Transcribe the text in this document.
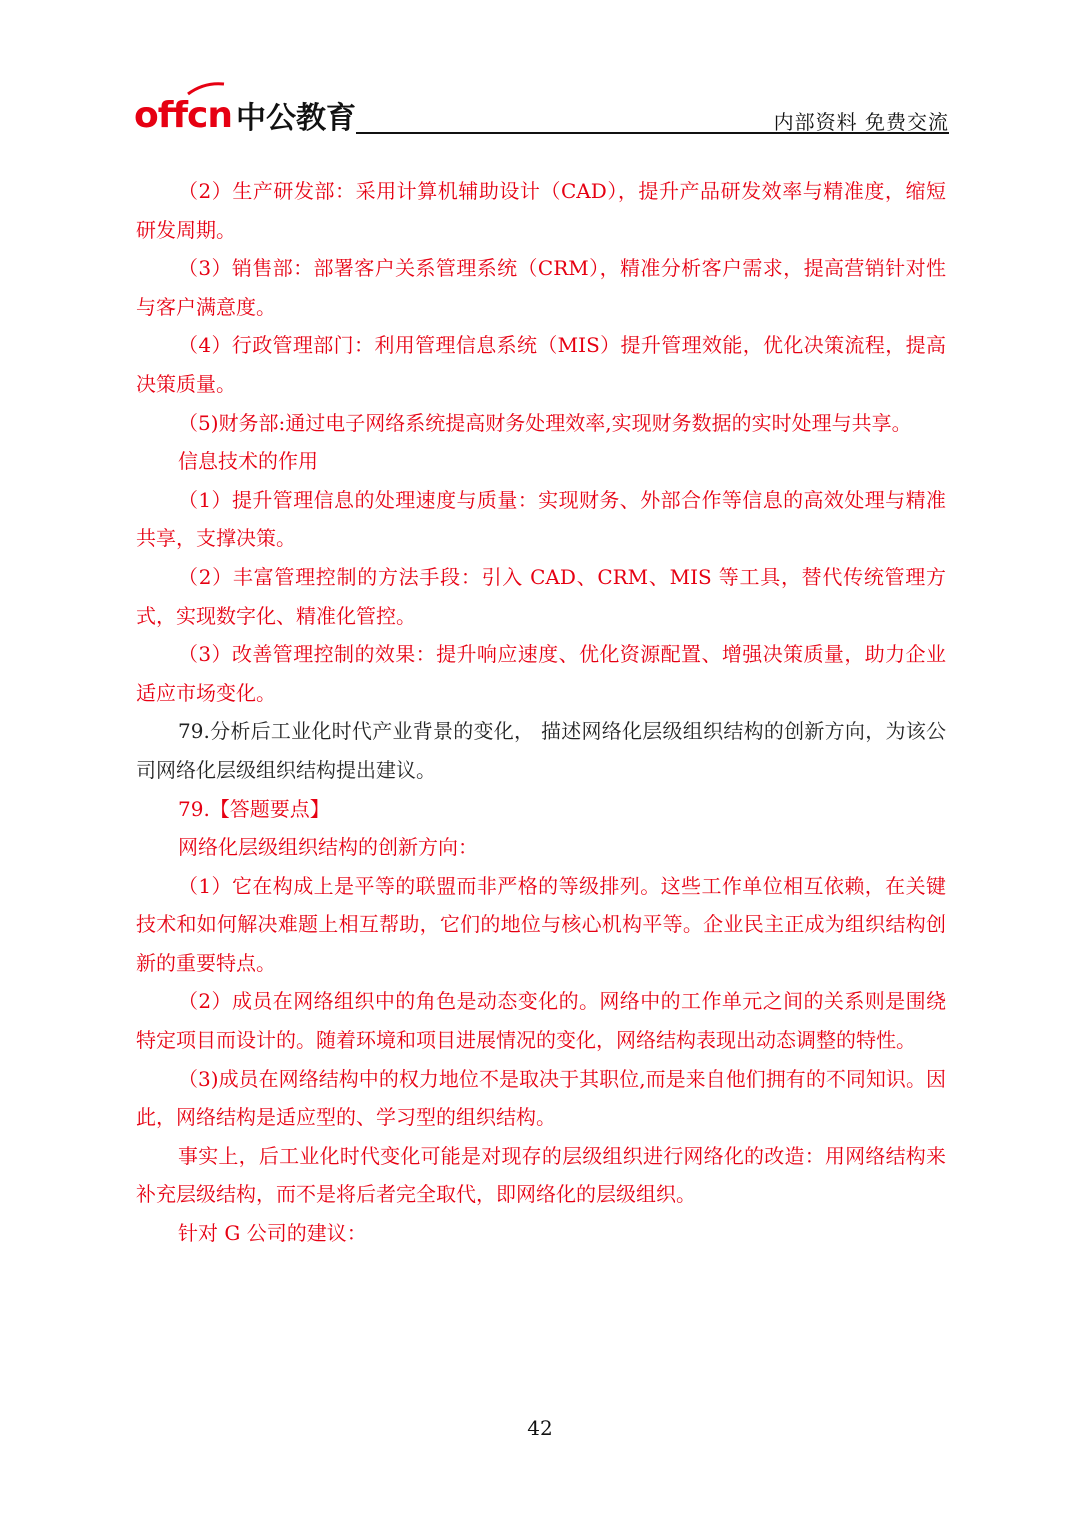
offcn 中公教育	内部资料 免费交流

（2）生产研发部：采用计算机辅助设计（CAD），提升产品研发效率与精准度，缩短研发周期。

（3）销售部：部署客户关系管理系统（CRM），精准分析客户需求，提高营销针对性与客户满意度。

（4）行政管理部门：利用管理信息系统（MIS）提升管理效能，优化决策流程，提高决策质量。

（5)财务部:通过电子网络系统提高财务处理效率,实现财务数据的实时处理与共享。

信息技术的作用

（1）提升管理信息的处理速度与质量：实现财务、外部合作等信息的高效处理与精准共享，支撑决策。

（2）丰富管理控制的方法手段：引入 CAD、CRM、MIS 等工具，替代传统管理方式，实现数字化、精准化管控。

（3）改善管理控制的效果：提升响应速度、优化资源配置、增强决策质量，助力企业适应市场变化。

79.分析后工业化时代产业背景的变化， 描述网络化层级组织结构的创新方向，为该公司网络化层级组织结构提出建议。

79.【答题要点】

网络化层级组织结构的创新方向：

（1）它在构成上是平等的联盟而非严格的等级排列。这些工作单位相互依赖，在关键技术和如何解决难题上相互帮助，它们的地位与核心机构平等。企业民主正成为组织结构创新的重要特点。

（2）成员在网络组织中的角色是动态变化的。网络中的工作单元之间的关系则是围绕特定项目而设计的。随着环境和项目进展情况的变化，网络结构表现出动态调整的特性。

（3)成员在网络结构中的权力地位不是取决于其职位,而是来自他们拥有的不同知识。因此，网络结构是适应型的、学习型的组织结构。

事实上，后工业化时代变化可能是对现存的层级组织进行网络化的改造：用网络结构来补充层级结构，而不是将后者完全取代，即网络化的层级组织。

针对 G 公司的建议：

42
